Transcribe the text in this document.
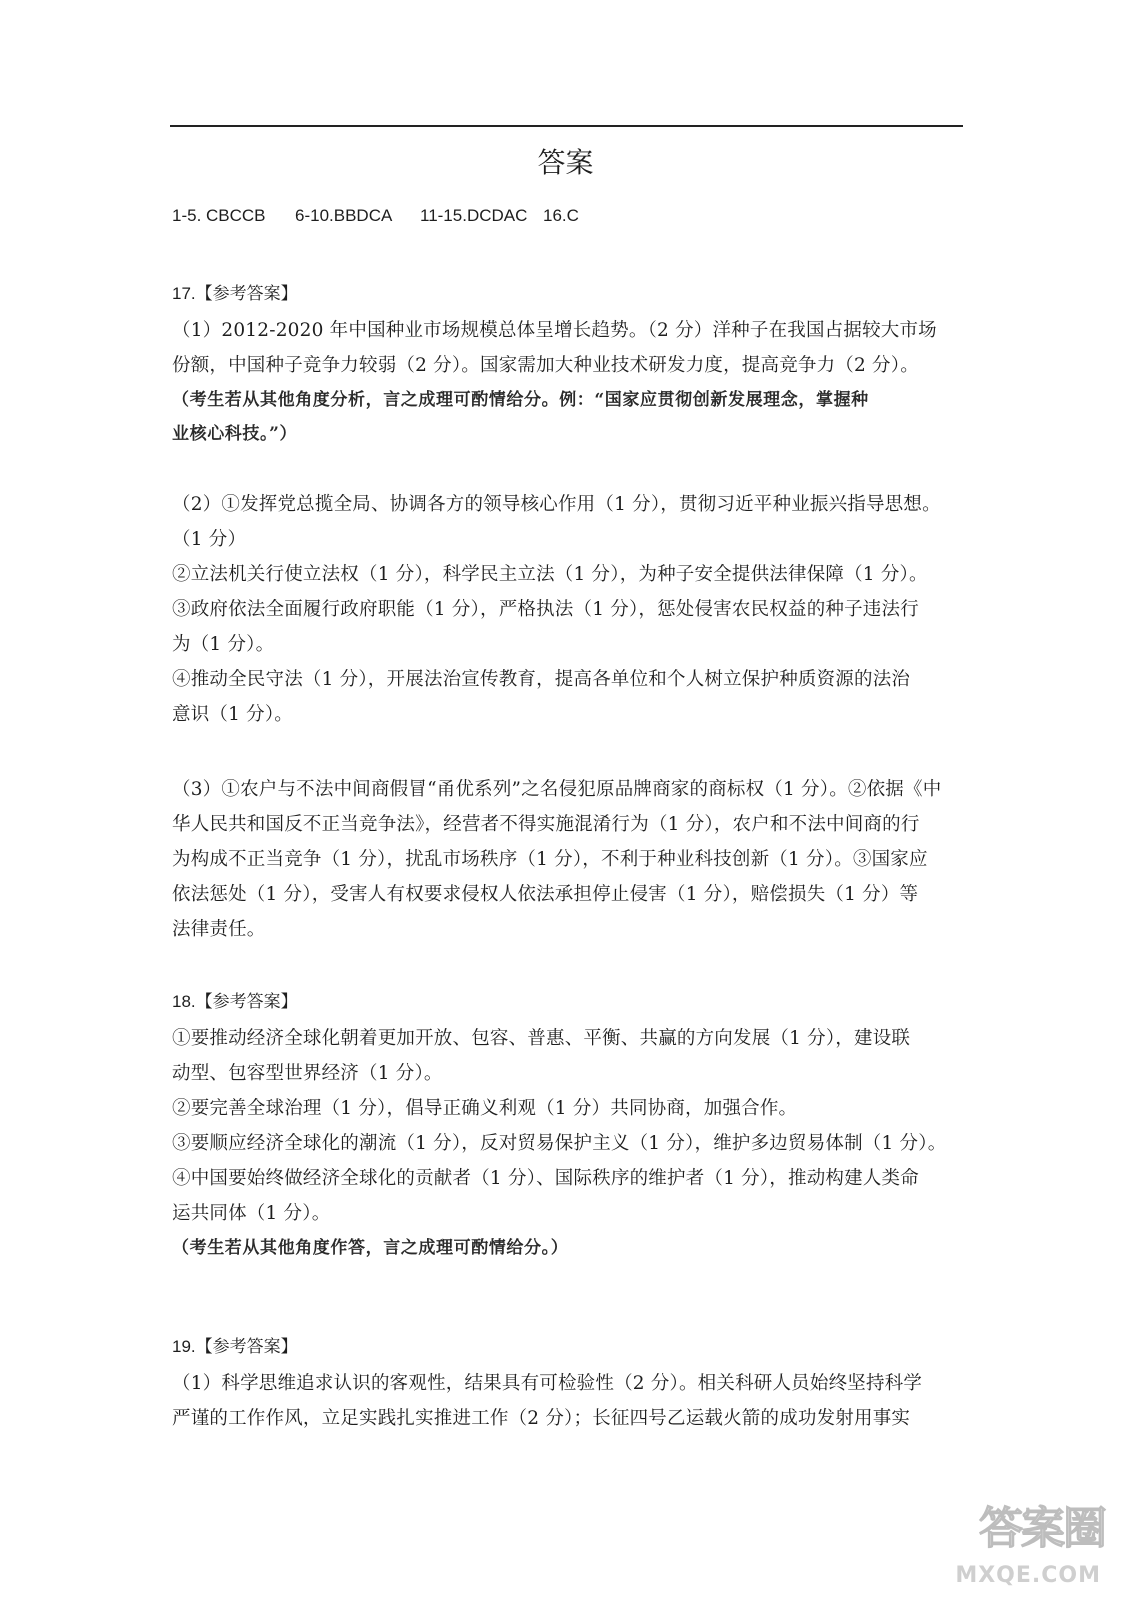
答案
1-5. CBCCB 6-10.BBDCA 11-15.DCDAC 16.C
17.【参考答案】
（1）2012-2020 年中国种业市场规模总体呈增长趋势。（2 分）洋种子在我国占据较大市场
份额，中国种子竞争力较弱（2 分）。国家需加大种业技术研发力度，提高竞争力（2 分）。
（考生若从其他角度分析，言之成理可酌情给分。例：“国家应贯彻创新发展理念，掌握种
业核心科技。”）
（2）①发挥党总揽全局、协调各方的领导核心作用（1 分），贯彻习近平种业振兴指导思想。
（1 分）
②立法机关行使立法权（1 分），科学民主立法（1 分），为种子安全提供法律保障（1 分）。
③政府依法全面履行政府职能（1 分），严格执法（1 分），惩处侵害农民权益的种子违法行
为（1 分）。
④推动全民守法（1 分），开展法治宣传教育，提高各单位和个人树立保护种质资源的法治
意识（1 分）。
（3）①农户与不法中间商假冒“甬优系列”之名侵犯原品牌商家的商标权（1 分）。②依据《中
华人民共和国反不正当竞争法》，经营者不得实施混淆行为（1 分），农户和不法中间商的行
为构成不正当竞争（1 分），扰乱市场秩序（1 分），不利于种业科技创新（1 分）。③国家应
依法惩处（1 分），受害人有权要求侵权人依法承担停止侵害（1 分），赔偿损失（1 分）等
法律责任。
18.【参考答案】
①要推动经济全球化朝着更加开放、包容、普惠、平衡、共赢的方向发展（1 分），建设联
动型、包容型世界经济（1 分）。
②要完善全球治理（1 分），倡导正确义利观（1 分）共同协商，加强合作。
③要顺应经济全球化的潮流（1 分），反对贸易保护主义（1 分），维护多边贸易体制（1 分）。
④中国要始终做经济全球化的贡献者（1 分）、国际秩序的维护者（1 分），推动构建人类命
运共同体（1 分）。
（考生若从其他角度作答，言之成理可酌情给分。）
19.【参考答案】
（1）科学思维追求认识的客观性，结果具有可检验性（2 分）。相关科研人员始终坚持科学
严谨的工作作风，立足实践扎实推进工作（2 分）；长征四号乙运载火箭的成功发射用事实
答案圈
MXQE.COM
